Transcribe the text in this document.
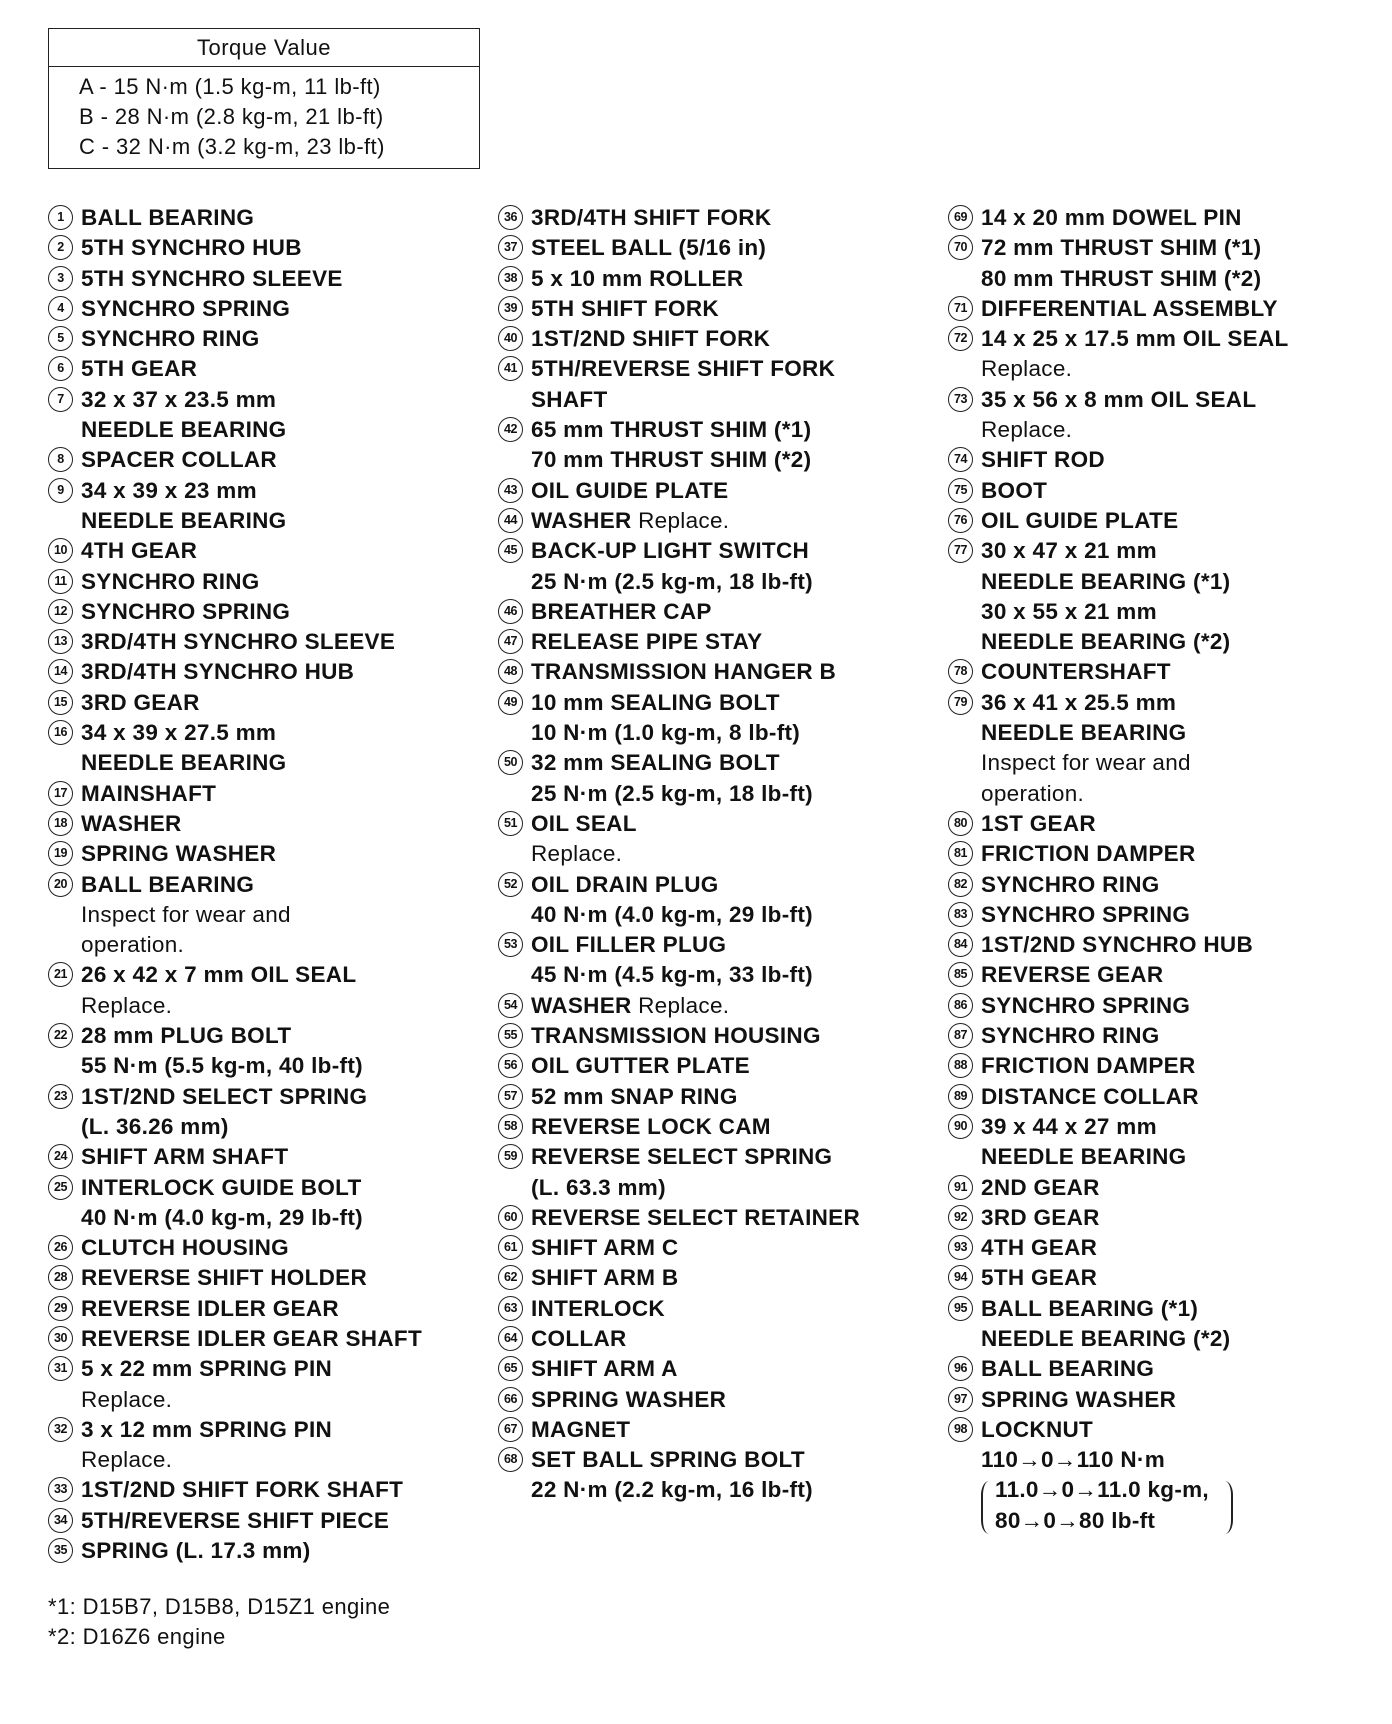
Torque Value
A - 15 N·m (1.5 kg-m, 11 lb-ft)
B - 28 N·m (2.8 kg-m, 21 lb-ft)
C - 32 N·m (3.2 kg-m, 23 lb-ft)
1 BALL BEARING
2 5TH SYNCHRO HUB
3 5TH SYNCHRO SLEEVE
4 SYNCHRO SPRING
5 SYNCHRO RING
6 5TH GEAR
7 32 x 37 x 23.5 mm
NEEDLE BEARING
8 SPACER COLLAR
9 34 x 39 x 23 mm
NEEDLE BEARING
10 4TH GEAR
11 SYNCHRO RING
12 SYNCHRO SPRING
13 3RD/4TH SYNCHRO SLEEVE
14 3RD/4TH SYNCHRO HUB
15 3RD GEAR
16 34 x 39 x 27.5 mm
NEEDLE BEARING
17 MAINSHAFT
18 WASHER
19 SPRING WASHER
20 BALL BEARING
Inspect for wear and
operation.
21 26 x 42 x 7 mm OIL SEAL
Replace.
22 28 mm PLUG BOLT
55 N·m (5.5 kg-m, 40 lb-ft)
23 1ST/2ND SELECT SPRING
(L. 36.26 mm)
24 SHIFT ARM SHAFT
25 INTERLOCK GUIDE BOLT
40 N·m (4.0 kg-m, 29 lb-ft)
26 CLUTCH HOUSING
28 REVERSE SHIFT HOLDER
29 REVERSE IDLER GEAR
30 REVERSE IDLER GEAR SHAFT
31 5 x 22 mm SPRING PIN
Replace.
32 3 x 12 mm SPRING PIN
Replace.
33 1ST/2ND SHIFT FORK SHAFT
34 5TH/REVERSE SHIFT PIECE
35 SPRING (L. 17.3 mm)
36 3RD/4TH SHIFT FORK
37 STEEL BALL (5/16 in)
38 5 x 10 mm ROLLER
39 5TH SHIFT FORK
40 1ST/2ND SHIFT FORK
41 5TH/REVERSE SHIFT FORK
SHAFT
42 65 mm THRUST SHIM (*1)
70 mm THRUST SHIM (*2)
43 OIL GUIDE PLATE
44 WASHER Replace.
45 BACK-UP LIGHT SWITCH
25 N·m (2.5 kg-m, 18 lb-ft)
46 BREATHER CAP
47 RELEASE PIPE STAY
48 TRANSMISSION HANGER B
49 10 mm SEALING BOLT
10 N·m (1.0 kg-m, 8 lb-ft)
50 32 mm SEALING BOLT
25 N·m (2.5 kg-m, 18 lb-ft)
51 OIL SEAL
Replace.
52 OIL DRAIN PLUG
40 N·m (4.0 kg-m, 29 lb-ft)
53 OIL FILLER PLUG
45 N·m (4.5 kg-m, 33 lb-ft)
54 WASHER Replace.
55 TRANSMISSION HOUSING
56 OIL GUTTER PLATE
57 52 mm SNAP RING
58 REVERSE LOCK CAM
59 REVERSE SELECT SPRING
(L. 63.3 mm)
60 REVERSE SELECT RETAINER
61 SHIFT ARM C
62 SHIFT ARM B
63 INTERLOCK
64 COLLAR
65 SHIFT ARM A
66 SPRING WASHER
67 MAGNET
68 SET BALL SPRING BOLT
22 N·m (2.2 kg-m, 16 lb-ft)
69 14 x 20 mm DOWEL PIN
70 72 mm THRUST SHIM (*1)
80 mm THRUST SHIM (*2)
71 DIFFERENTIAL ASSEMBLY
72 14 x 25 x 17.5 mm OIL SEAL
Replace.
73 35 x 56 x 8 mm OIL SEAL
Replace.
74 SHIFT ROD
75 BOOT
76 OIL GUIDE PLATE
77 30 x 47 x 21 mm
NEEDLE BEARING (*1)
30 x 55 x 21 mm
NEEDLE BEARING (*2)
78 COUNTERSHAFT
79 36 x 41 x 25.5 mm
NEEDLE BEARING
Inspect for wear and
operation.
80 1ST GEAR
81 FRICTION DAMPER
82 SYNCHRO RING
83 SYNCHRO SPRING
84 1ST/2ND SYNCHRO HUB
85 REVERSE GEAR
86 SYNCHRO SPRING
87 SYNCHRO RING
88 FRICTION DAMPER
89 DISTANCE COLLAR
90 39 x 44 x 27 mm
NEEDLE BEARING
91 2ND GEAR
92 3RD GEAR
93 4TH GEAR
94 5TH GEAR
95 BALL BEARING (*1)
NEEDLE BEARING (*2)
96 BALL BEARING
97 SPRING WASHER
98 LOCKNUT
110→0→110 N·m
11.0→0→11.0 kg-m,
80→0→80 lb-ft
*1: D15B7, D15B8, D15Z1 engine
*2: D16Z6 engine
